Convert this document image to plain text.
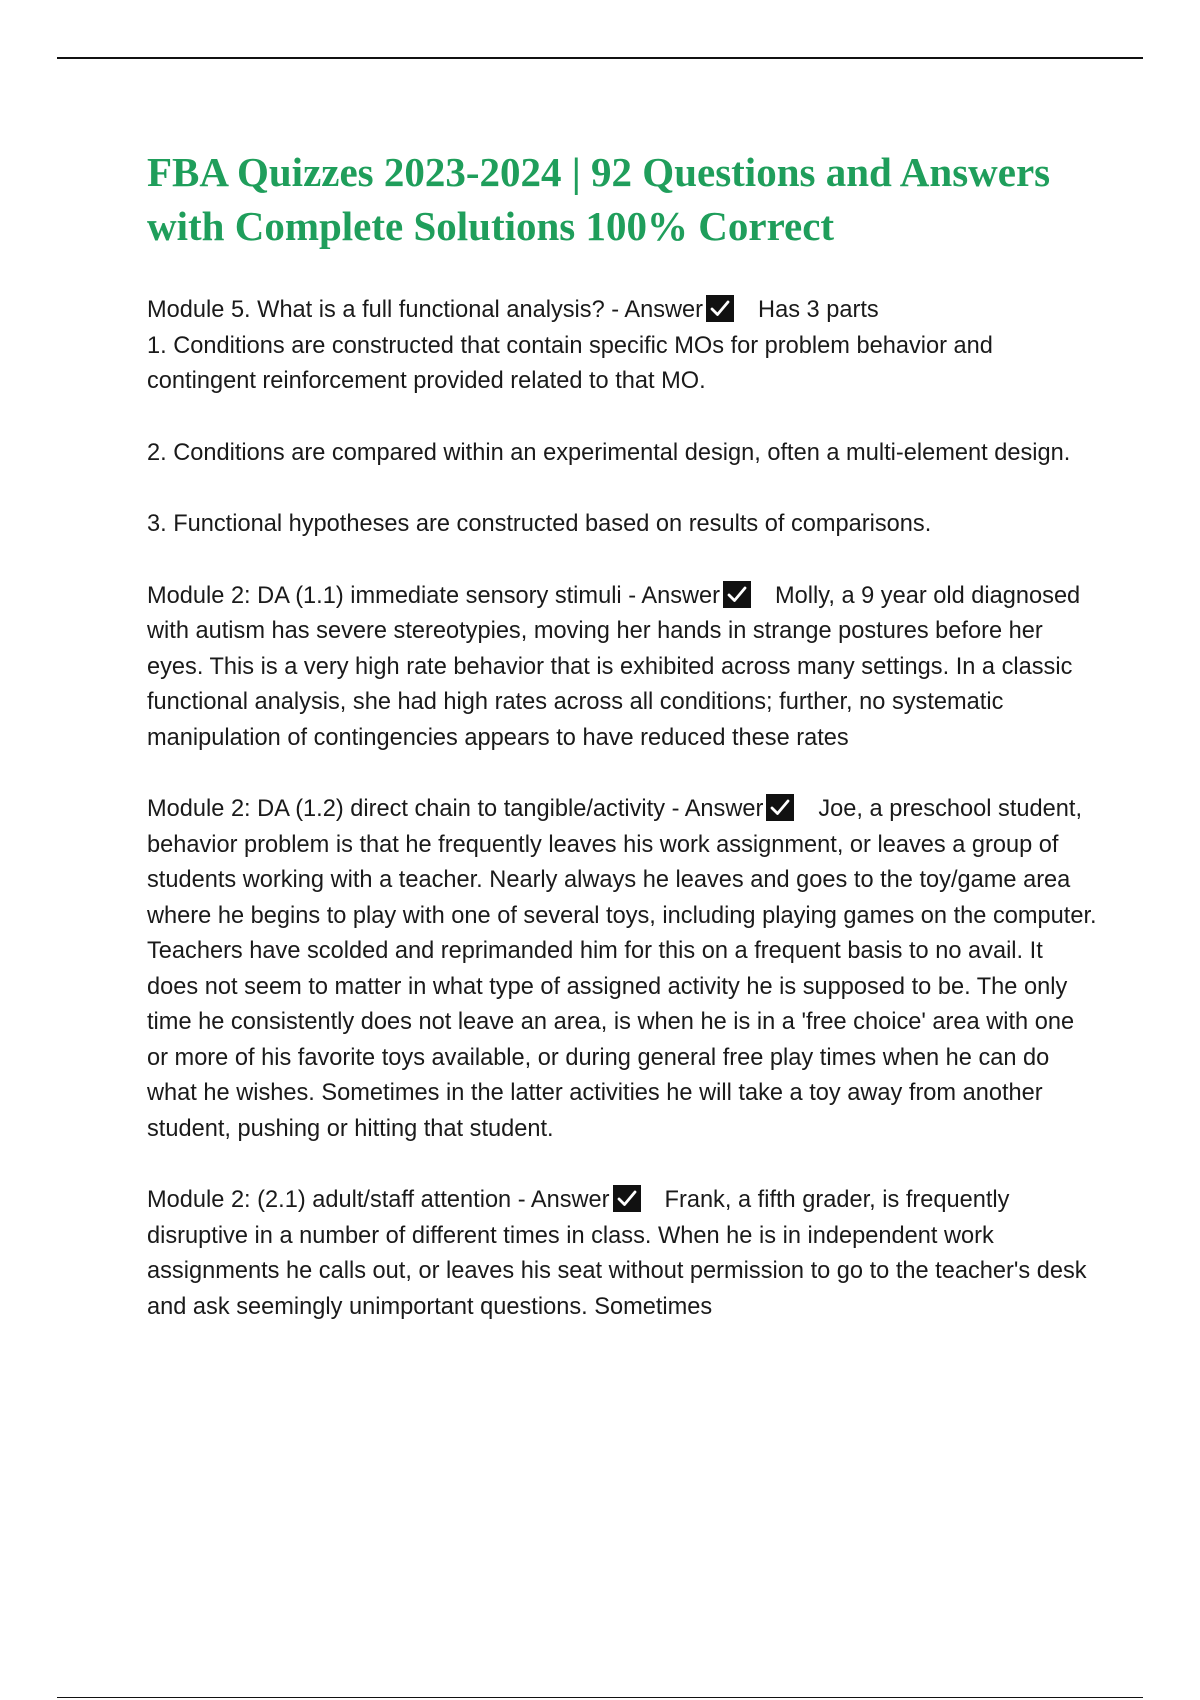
FBA Quizzes 2023-2024 | 92 Questions and Answers with Complete Solutions 100% Correct

Module 5. What is a full functional analysis? - Answer Has 3 parts
1. Conditions are constructed that contain specific MOs for problem behavior and contingent reinforcement provided related to that MO.

2. Conditions are compared within an experimental design, often a multi-element design.

3. Functional hypotheses are constructed based on results of comparisons.

Module 2: DA (1.1) immediate sensory stimuli - Answer Molly, a 9 year old diagnosed with autism has severe stereotypies, moving her hands in strange postures before her eyes. This is a very high rate behavior that is exhibited across many settings. In a classic functional analysis, she had high rates across all conditions; further, no systematic manipulation of contingencies appears to have reduced these rates

Module 2: DA (1.2) direct chain to tangible/activity - Answer Joe, a preschool student, behavior problem is that he frequently leaves his work assignment, or leaves a group of students working with a teacher. Nearly always he leaves and goes to the toy/game area where he begins to play with one of several toys, including playing games on the computer. Teachers have scolded and reprimanded him for this on a frequent basis to no avail. It does not seem to matter in what type of assigned activity he is supposed to be. The only time he consistently does not leave an area, is when he is in a 'free choice' area with one or more of his favorite toys available, or during general free play times when he can do what he wishes. Sometimes in the latter activities he will take a toy away from another student, pushing or hitting that student.

Module 2: (2.1) adult/staff attention - Answer Frank, a fifth grader, is frequently disruptive in a number of different times in class. When he is in independent work assignments he calls out, or leaves his seat without permission to go to the teacher's desk and ask seemingly unimportant questions. Sometimes
